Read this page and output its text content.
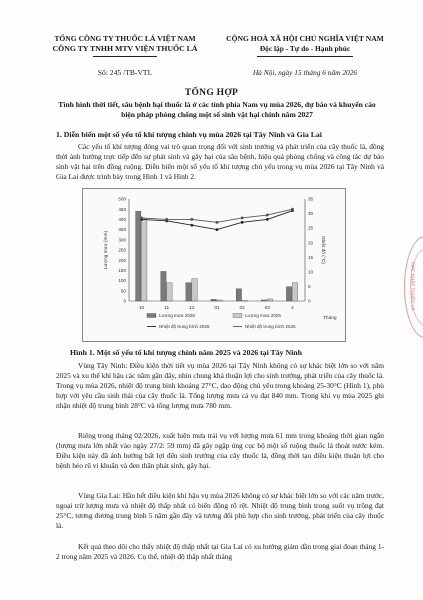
TỔNG CÔNG TY THUỐC LÁ VIỆT NAM
CÔNG TY TNHH MTV VIỆN THUỐC LÁ
Số: 245 /TB-VTL
CỘNG HOÀ XÃ HỘI CHỦ NGHĨA VIỆT NAM
Độc lập - Tự do - Hạnh phúc
Hà Nội, ngày 15 tháng 6 năm 2026
TỔNG HỢP
Tình hình thời tiết, sâu bệnh hại thuốc lá ở các tỉnh phía Nam vụ mùa 2026, dự báo và khuyến cáo biện pháp phòng chống một số sinh vật hại chính năm 2027
1. Diễn biến một số yếu tố khí tượng chính vụ mùa 2026 tại Tây Ninh và Gia Lai
Các yếu tố khí tượng đóng vai trò quan trọng đối với sinh trưởng và phát triển của cây thuốc lá, đồng thời ảnh hưởng trực tiếp đến sự phát sinh và gây hại của sâu bệnh, hiệu quả phòng chống và công tác dự báo sinh vật hại trên đồng ruộng. Diễn biến một số yếu tố khí tượng chủ yếu trong vụ mùa 2026 tại Tây Ninh và Gia Lai được trình bày trong Hình 1 và Hình 2.
0
50
100
150
200
250
300
350
400
450
500
0
5
10
15
20
25
30
35
Lượng mưa (mm)	Nhiệt độ (°C)
Tháng
10	11	12	01	02	03	4
Lượng mưa 2026	Lượng mưa 2025
Nhiệt độ trung bình 2026	Nhiệt độ trung bình 2025
Hình 1. Một số yếu tố khí tượng chính năm 2025 và 2026 tại Tây Ninh
Vùng Tây Ninh: Điều kiện thời tiết vụ mùa 2026 tại Tây Ninh không có sự khác biệt lớn so với năm 2025 và xu thế khí hậu các năm gần đây, nhìn chung khá thuận lợi cho sinh trưởng, phát triển của cây thuốc lá. Trong vụ mùa 2026, nhiệt độ trung bình khoảng 27°C, dao động chủ yếu trong khoảng 25-30°C (Hình 1), phù hợp với yêu cầu sinh thái của cây thuốc lá. Tổng lượng mưa cả vụ đạt 840 mm. Trong khi vụ mùa 2025 ghi nhận nhiệt độ trung bình 28°C và tổng lượng mưa 780 mm.
Riêng trong tháng 02/2026, xuất hiện mưa trái vụ với lượng mưa 61 mm trong khoảng thời gian ngắn (lượng mưa lớn nhất vào ngày 27/2: 59 mm) đã gây ngập úng cục bộ một số ruộng thuốc lá thoát nước kém. Điều kiện này đã ảnh hưởng bất lợi đến sinh trưởng của cây thuốc lá, đồng thời tạo điều kiện thuận lợi cho bệnh héo rũ vi khuẩn và đen thân phát sinh, gây hại.
Vùng Gia Lai: Hầu hết điều kiện khí hậu vụ mùa 2026 không có sự khác biệt lớn so với các năm trước, ngoại trừ lượng mưa và nhiệt độ thấp nhất có biến động rõ rệt. Nhiệt độ trung bình trong suốt vụ trồng đạt 25°C, tương đương trung bình 5 năm gần đây và tương đối phù hợp cho sinh trưởng, phát triển của cây thuốc lá.
Kết quả theo dõi cho thấy nhiệt độ thấp nhất tại Gia Lai có xu hướng giảm dần trong giai đoạn tháng 1-2 trong năm 2025 và 2026. Cụ thể, nhiệt độ thấp nhất tháng
MẶC NHẬP THUỐC LÁ
